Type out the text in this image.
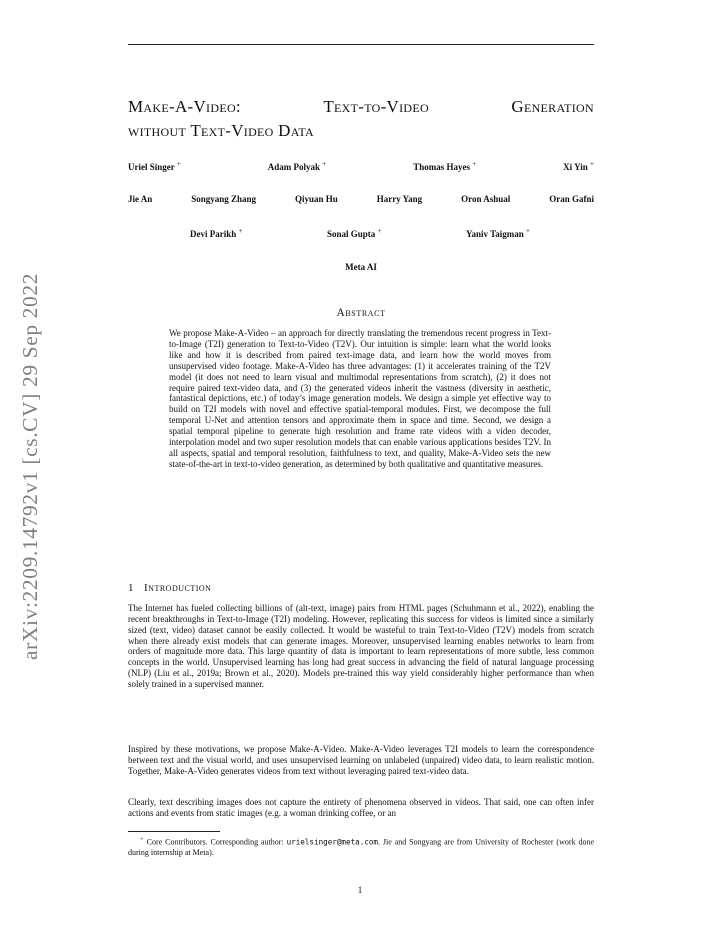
arXiv:2209.14792v1 [cs.CV] 29 Sep 2022
Make-A-Video:	Text-to-Video	Generation
without Text-Video Data
Uriel Singer +	Adam Polyak +	Thomas Hayes +	Xi Yin +
Jie An	Songyang Zhang	Qiyuan Hu	Harry Yang	Oron Ashual	Oran Gafni
Devi Parikh +	Sonal Gupta +	Yaniv Taigman +
Meta AI
Abstract

We propose Make-A-Video – an approach for directly translating the tremendous recent progress in Text-to-Image (T2I) generation to Text-to-Video (T2V). Our intuition is simple: learn what the world looks like and how it is described from paired text-image data, and learn how the world moves from unsupervised video footage. Make-A-Video has three advantages: (1) it accelerates training of the T2V model (it does not need to learn visual and multimodal representations from scratch), (2) it does not require paired text-video data, and (3) the generated videos inherit the vastness (diversity in aesthetic, fantastical depictions, etc.) of today’s image generation models. We design a simple yet effective way to build on T2I models with novel and effective spatial-temporal modules. First, we decompose the full temporal U-Net and attention tensors and approximate them in space and time. Second, we design a spatial temporal pipeline to generate high resolution and frame rate videos with a video decoder, interpolation model and two super resolution models that can enable various applications besides T2V. In all aspects, spatial and temporal resolution, faithfulness to text, and quality, Make-A-Video sets the new state-of-the-art in text-to-video generation, as determined by both qualitative and quantitative measures.

1 Introduction

The Internet has fueled collecting billions of (alt-text, image) pairs from HTML pages (Schuhmann et al., 2022), enabling the recent breakthroughs in Text-to-Image (T2I) modeling. However, replicating this success for videos is limited since a similarly sized (text, video) dataset cannot be easily collected. It would be wasteful to train Text-to-Video (T2V) models from scratch when there already exist models that can generate images. Moreover, unsupervised learning enables networks to learn from orders of magnitude more data. This large quantity of data is important to learn representations of more subtle, less common concepts in the world. Unsupervised learning has long had great success in advancing the field of natural language processing (NLP) (Liu et al., 2019a; Brown et al., 2020). Models pre-trained this way yield considerably higher performance than when solely trained in a supervised manner.

Inspired by these motivations, we propose Make-A-Video. Make-A-Video leverages T2I models to learn the correspondence between text and the visual world, and uses unsupervised learning on unlabeled (unpaired) video data, to learn realistic motion. Together, Make-A-Video generates videos from text without leveraging paired text-video data.

Clearly, text describing images does not capture the entirety of phenomena observed in videos. That said, one can often infer actions and events from static images (e.g. a woman drinking coffee, or an

+ Core Contributors. Corresponding author: urielsinger@meta.com. Jie and Songyang are from University of Rochester (work done during internship at Meta).

1
